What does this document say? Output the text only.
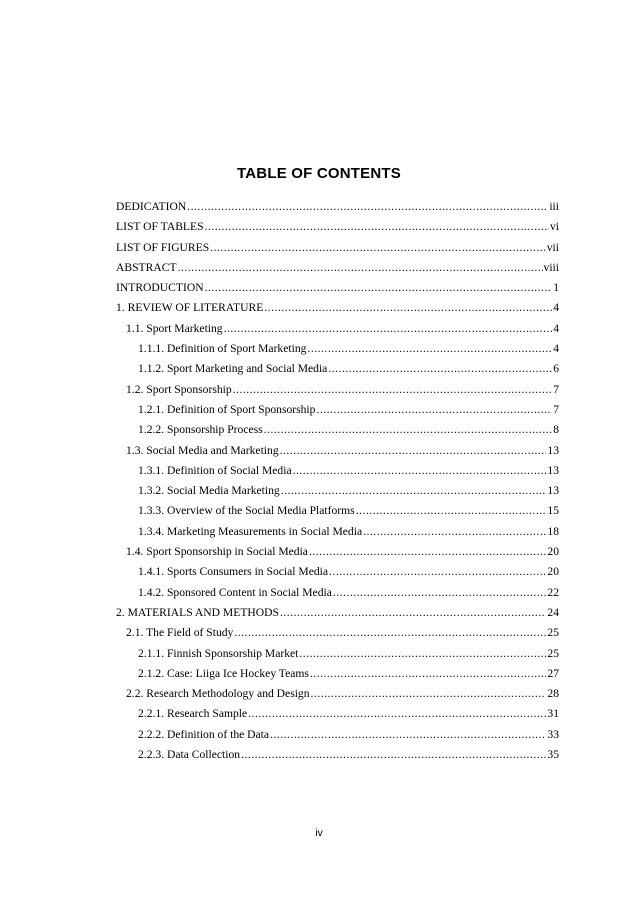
TABLE OF CONTENTS
DEDICATION .....	iii
LIST OF TABLES .....	vi
LIST OF FIGURES .....	vii
ABSTRACT .....	viii
INTRODUCTION .....	1
1. REVIEW OF LITERATURE .....	4
1.1. Sport Marketing .....	4
1.1.1. Definition of Sport Marketing .....	4
1.1.2. Sport Marketing and Social Media .....	6
1.2. Sport Sponsorship .....	7
1.2.1. Definition of Sport Sponsorship .....	7
1.2.2. Sponsorship Process .....	8
1.3. Social Media and Marketing .....	13
1.3.1. Definition of Social Media .....	13
1.3.2. Social Media Marketing .....	13
1.3.3. Overview of the Social Media Platforms .....	15
1.3.4. Marketing Measurements in Social Media .....	18
1.4. Sport Sponsorship in Social Media .....	20
1.4.1. Sports Consumers in Social Media .....	20
1.4.2. Sponsored Content in Social Media .....	22
2. MATERIALS AND METHODS .....	24
2.1. The Field of Study .....	25
2.1.1. Finnish Sponsorship Market .....	25
2.1.2. Case: Liiga Ice Hockey Teams .....	27
2.2. Research Methodology and Design .....	28
2.2.1. Research Sample .....	31
2.2.2. Definition of the Data .....	33
2.2.3. Data Collection .....	35
iv
